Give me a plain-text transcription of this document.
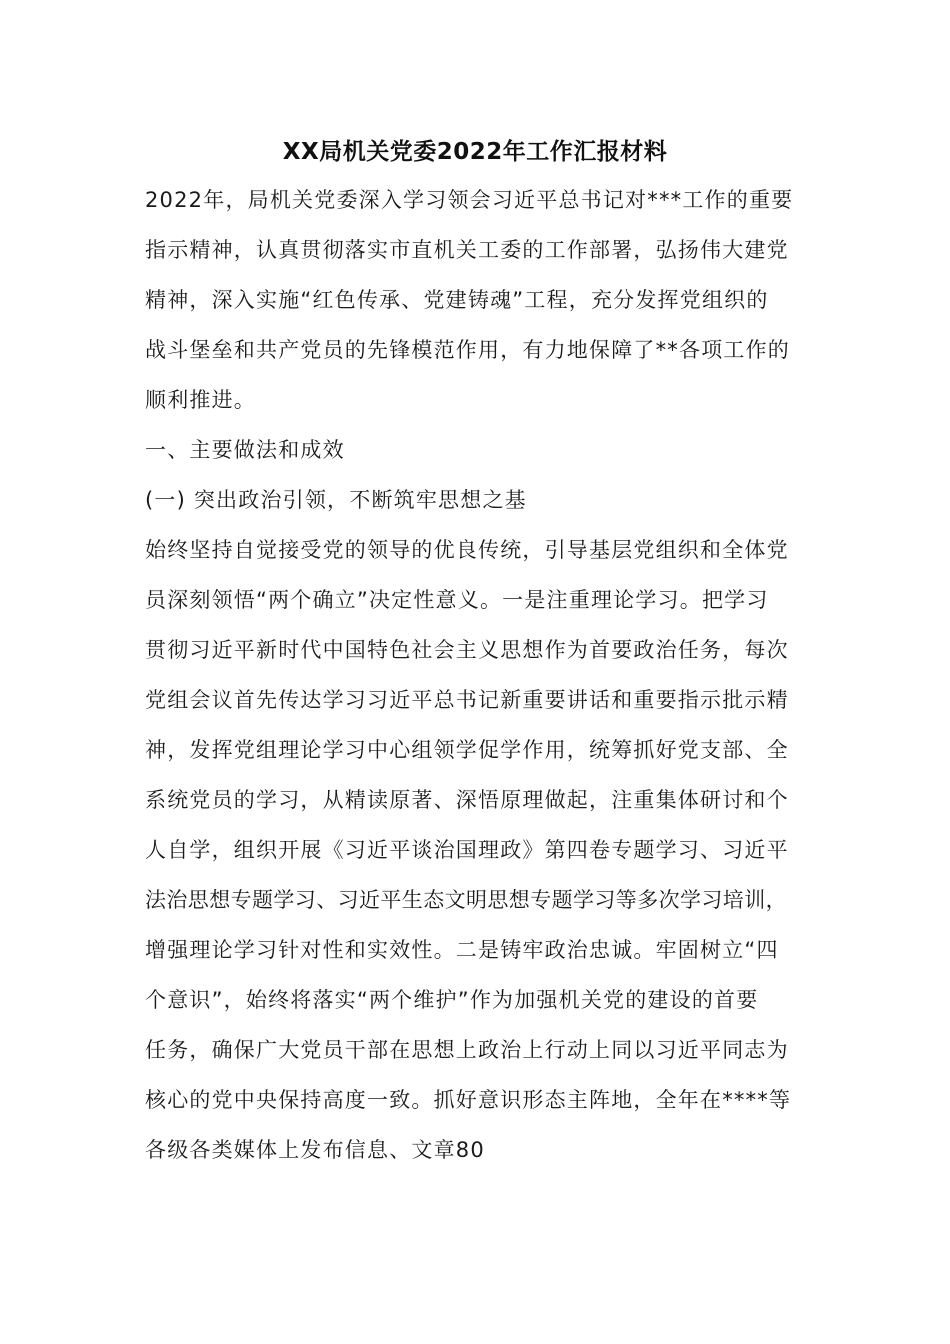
XX局机关党委2022年工作汇报材料
2022年，局机关党委深入学习领会习近平总书记对***工作的重要
指示精神，认真贯彻落实市直机关工委的工作部署，弘扬伟大建党
精神，深入实施“红色传承、党建铸魂”工程，充分发挥党组织的
战斗堡垒和共产党员的先锋模范作用，有力地保障了**各项工作的
顺利推进。
一、主要做法和成效
(一) 突出政治引领，不断筑牢思想之基
始终坚持自觉接受党的领导的优良传统，引导基层党组织和全体党
员深刻领悟“两个确立”决定性意义。一是注重理论学习。把学习
贯彻习近平新时代中国特色社会主义思想作为首要政治任务，每次
党组会议首先传达学习习近平总书记新重要讲话和重要指示批示精
神，发挥党组理论学习中心组领学促学作用，统筹抓好党支部、全
系统党员的学习，从精读原著、深悟原理做起，注重集体研讨和个
人自学，组织开展《习近平谈治国理政》第四卷专题学习、习近平
法治思想专题学习、习近平生态文明思想专题学习等多次学习培训，
增强理论学习针对性和实效性。二是铸牢政治忠诚。牢固树立“四
个意识”，始终将落实“两个维护”作为加强机关党的建设的首要
任务，确保广大党员干部在思想上政治上行动上同以习近平同志为
核心的党中央保持高度一致。抓好意识形态主阵地，全年在****等
各级各类媒体上发布信息、文章80
